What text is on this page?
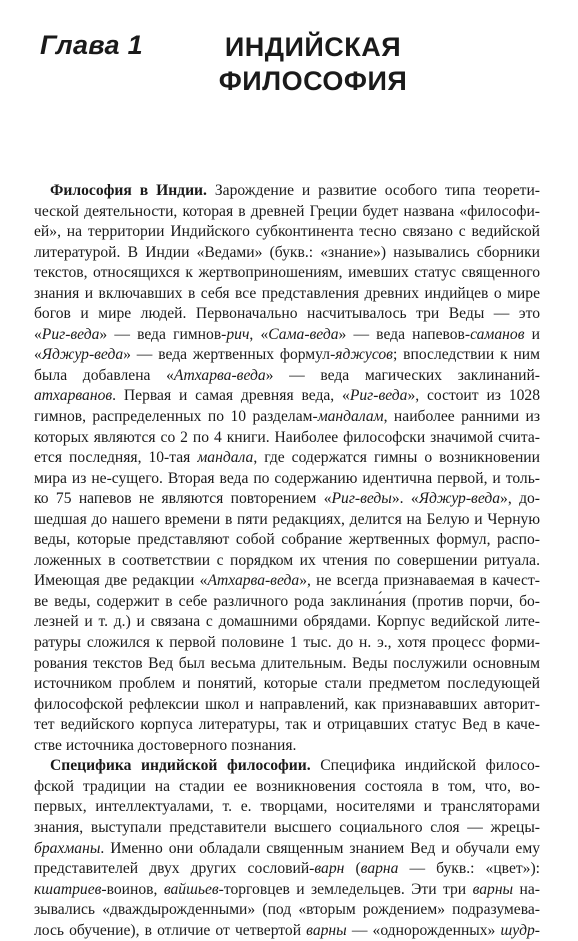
Глава 1	ИНДИЙСКАЯ
ФИЛОСОФИЯ
Философия в Индии. Зарождение и развитие особого типа теорети-
ческой деятельности, которая в древней Греции будет названа «философи-
ей», на территории Индийского субконтинента тесно связано с ведийской
литературой. В Индии «Ведами» (букв.: «знание») назывались сборники
текстов, относящихся к жертвоприношениям, имевших статус священного
знания и включавших в себя все представления древних индийцев о мире
богов и мире людей. Первоначально насчитывалось три Веды — это
«Риг-веда» — веда гимнов-рич, «Сама-веда» — веда напевов-саманов и
«Яджур-веда» — веда жертвенных формул-яджусов; впоследствии к ним
была добавлена «Атхарва-веда» — веда магических заклинаний-
атхарванов. Первая и самая древняя веда, «Риг-веда», состоит из 1028
гимнов, распределенных по 10 разделам-мандалам, наиболее ранними из
которых являются со 2 по 4 книги. Наиболее философски значимой счита-
ется последняя, 10-тая мандала, где содержатся гимны о возникновении
мира из не-сущего. Вторая веда по содержанию идентична первой, и толь-
ко 75 напевов не являются повторением «Риг-веды». «Яджур-веда», до-
шедшая до нашего времени в пяти редакциях, делится на Белую и Черную
веды, которые представляют собой собрание жертвенных формул, распо-
ложенных в соответствии с порядком их чтения по совершении ритуала.
Имеющая две редакции «Атхарва-веда», не всегда признаваемая в качест-
ве веды, содержит в себе различного рода заклина́ния (против порчи, бо-
лезней и т. д.) и связана с домашними обрядами. Корпус ведийской лите-
ратуры сложился к первой половине 1 тыс. до н. э., хотя процесс форми-
рования текстов Вед был весьма длительным. Веды послужили основным
источником проблем и понятий, которые стали предметом последующей
философской рефлексии школ и направлений, как признававших авторит-
тет ведийского корпуса литературы, так и отрицавших статус Вед в каче-
стве источника достоверного познания.
Специфика индийской философии. Специфика индийской филосо-
фской традиции на стадии ее возникновения состояла в том, что, во-
первых, интеллектуалами, т. е. творцами, носителями и трансляторами
знания, выступали представители высшего социального слоя — жрецы-
брахманы. Именно они обладали священным знанием Вед и обучали ему
представителей двух других сословий-варн (варна — букв.: «цвет»):
кшатриев-воинов, вайшьев-торговцев и земледельцев. Эти три варны на-
зывались «дваждырожденными» (под «вторым рождением» подразумева-
лось обучение), в отличие от четвертой варны — «однорожденных» шудр-
